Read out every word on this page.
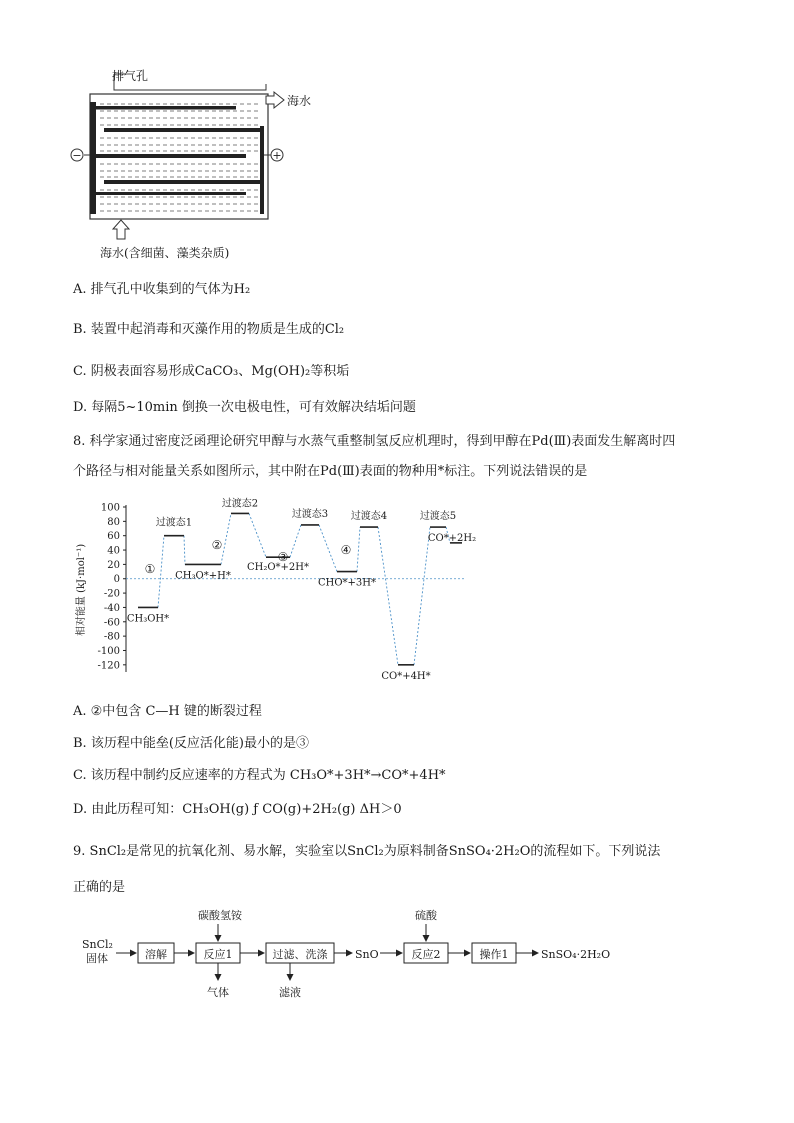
排气孔
−	+
海水
海水(含细菌、藻类杂质)
A. 排气孔中收集到的气体为H₂
B. 装置中起消毒和灭藻作用的物质是生成的Cl₂
C. 阴极表面容易形成CaCO₃、Mg(OH)₂等积垢
D. 每隔5~10min 倒换一次电极电性，可有效解决结垢问题
8. 科学家通过密度泛函理论研究甲醇与水蒸气重整制氢反应机理时，得到甲醇在Pd(Ⅲ)表面发生解离时四
个路径与相对能量关系如图所示，其中附在Pd(Ⅲ)表面的物种用*标注。下列说法错误的是
100
80
60
40
20
0
-20
-40
-60
-80
-100
-120
相对能量 (kJ·mol⁻¹)	CH₃OH*
过渡态1
CH₃O*+H*
过渡态2
CH₂O*+2H*
过渡态3
CHO*+3H*
过渡态4
CO*+4H*
过渡态5
CO*+2H₂
①
②
③	④
A. ②中包含 C—H 键的断裂过程
B. 该历程中能垒(反应活化能)最小的是③
C. 该历程中制约反应速率的方程式为 CH₃O*+3H*→CO*+4H*
D. 由此历程可知：CH₃OH(g) ƒ CO(g)+2H₂(g) ΔH＞0
9. SnCl₂是常见的抗氧化剂、易水解，实验室以SnCl₂为原料制备SnSO₄·2H₂O的流程如下。下列说法
正确的是
SnCl₂
固体	溶解	反应1
碳酸氢铵
气体
过滤、洗涤
滤液
SnO	反应2
硫酸
操作1	SnSO₄·2H₂O
